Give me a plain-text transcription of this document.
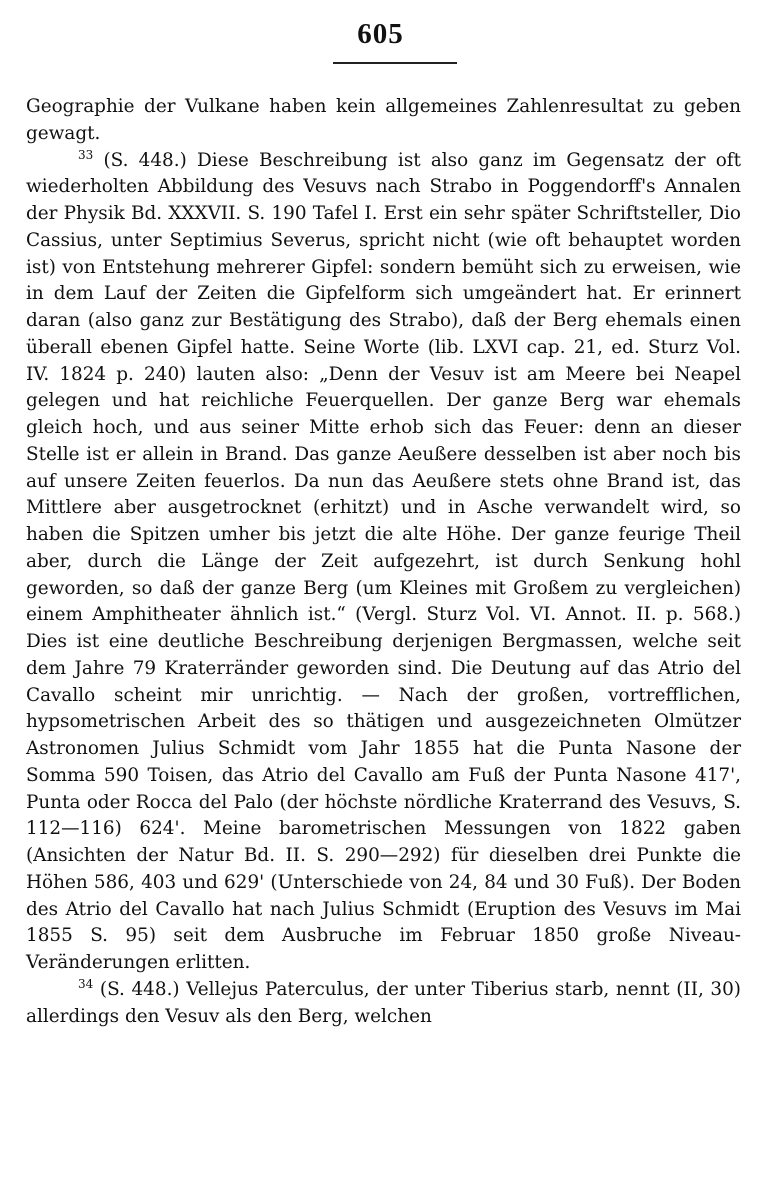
605

Geographie der Vulkane haben kein allgemeines Zahlenresultat zu geben gewagt.

$^{33}$ (S. 448.) Diese Beschreibung ist also ganz im Gegensatz der oft wiederholten Abbildung des Vesuvs nach Strabo in Poggendorff's Annalen der Physik Bd. XXXVII. S. 190 Tafel I. Erst ein sehr später Schriftsteller, Dio Cassius, unter Septimius Severus, spricht nicht (wie oft behauptet worden ist) von Entstehung mehrerer Gipfel: sondern bemüht sich zu erweisen, wie in dem Lauf der Zeiten die Gipfelform sich umgeändert hat. Er erinnert daran (also ganz zur Bestätigung des Strabo), daß der Berg ehemals einen überall ebenen Gipfel hatte. Seine Worte (lib. LXVI cap. 21, ed. Sturz Vol. IV. 1824 p. 240) lauten also: „Denn der Vesuv ist am Meere bei Neapel gelegen und hat reichliche Feuerquellen. Der ganze Berg war ehemals gleich hoch, und aus seiner Mitte erhob sich das Feuer: denn an dieser Stelle ist er allein in Brand. Das ganze Aeußere desselben ist aber noch bis auf unsere Zeiten feuerlos. Da nun das Aeußere stets ohne Brand ist, das Mittlere aber ausgetrocknet (erhitzt) und in Asche verwandelt wird, so haben die Spitzen umher bis jetzt die alte Höhe. Der ganze feurige Theil aber, durch die Länge der Zeit aufgezehrt, ist durch Senkung hohl geworden, so daß der ganze Berg (um Kleines mit Großem zu vergleichen) einem Amphitheater ähnlich ist.“ (Vergl. Sturz Vol. VI. Annot. II. p. 568.) Dies ist eine deutliche Beschreibung derjenigen Bergmassen, welche seit dem Jahre 79 Kraterränder geworden sind. Die Deutung auf das Atrio del Cavallo scheint mir unrichtig. — Nach der großen, vortrefflichen, hypsometrischen Arbeit des so thätigen und ausgezeichneten Olmützer Astronomen Julius Schmidt vom Jahr 1855 hat die Punta Nasone der Somma 590 Toisen, das Atrio del Cavallo am Fuß der Punta Nasone 417', Punta oder Rocca del Palo (der höchste nördliche Kraterrand des Vesuvs, S. 112—116) 624'. Meine barometrischen Messungen von 1822 gaben (Ansichten der Natur Bd. II. S. 290—292) für dieselben drei Punkte die Höhen 586, 403 und 629' (Unterschiede von 24, 84 und 30 Fuß). Der Boden des Atrio del Cavallo hat nach Julius Schmidt (Eruption des Vesuvs im Mai 1855 S. 95) seit dem Ausbruche im Februar 1850 große Niveau-Veränderungen erlitten.

$^{34}$ (S. 448.) Vellejus Paterculus, der unter Tiberius starb, nennt (II, 30) allerdings den Vesuv als den Berg, welchen
